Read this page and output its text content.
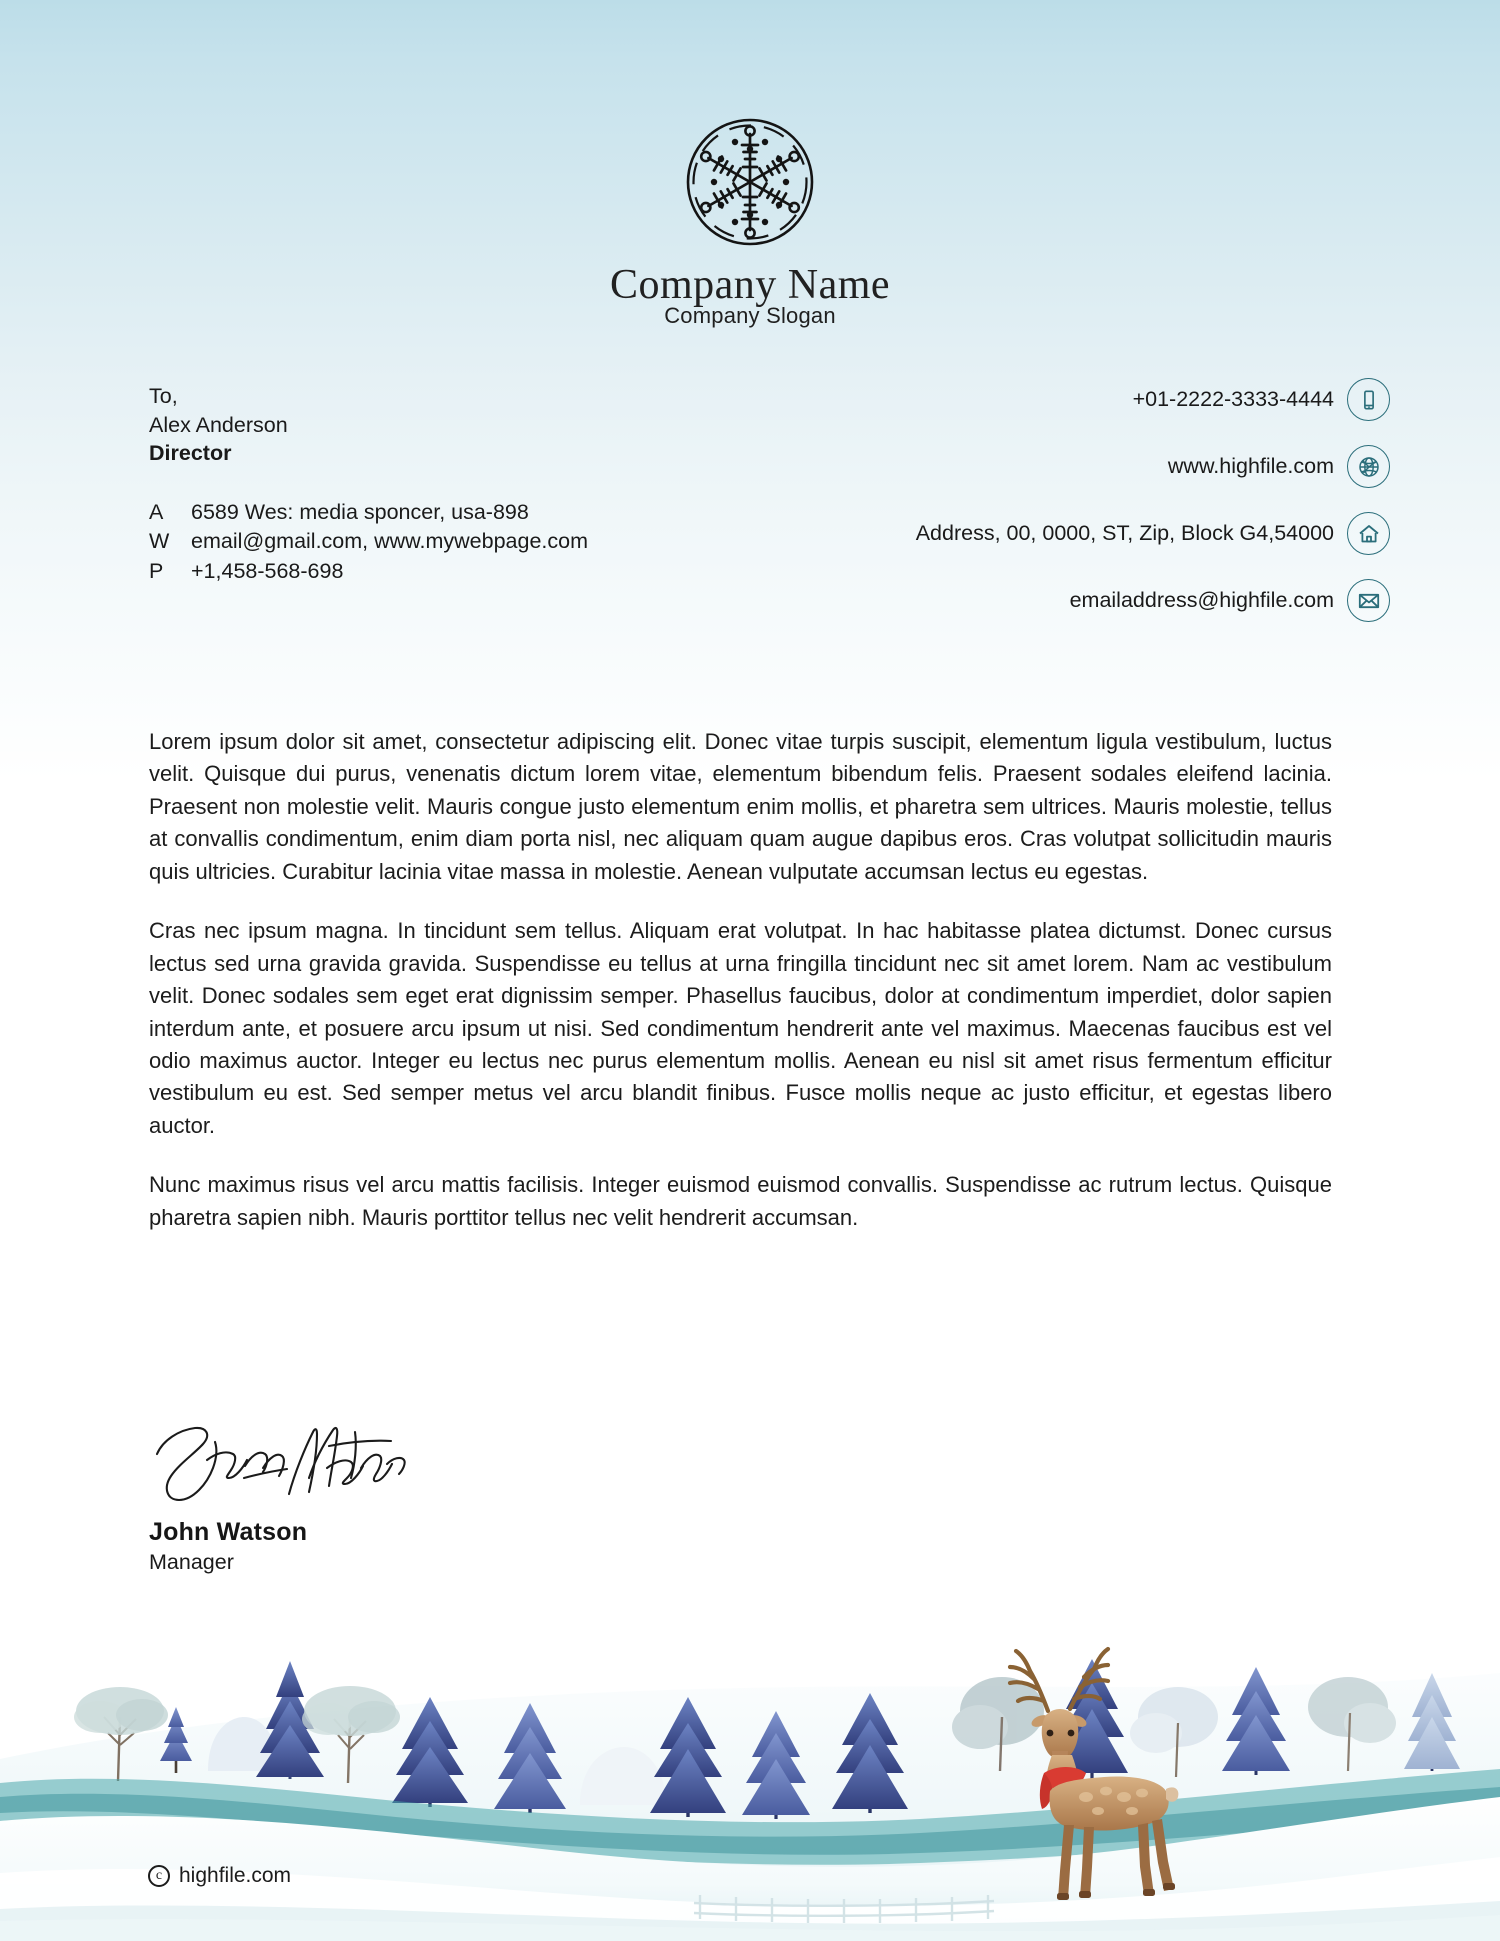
Company Name
Company Slogan
To,
Alex Anderson
Director
A	6589 Wes: media sponcer, usa-898
W	email@gmail.com, www.mywebpage.com
P	+1,458-568-698
+01-2222-3333-4444
www.highfile.com
Address, 00, 0000, ST, Zip, Block G4,54000
emailaddress@highfile.com

Lorem ipsum dolor sit amet, consectetur adipiscing elit. Donec vitae turpis suscipit, elementum ligula vestibulum, luctus velit. Quisque dui purus, venenatis dictum lorem vitae, elementum bibendum felis. Praesent sodales eleifend lacinia. Praesent non molestie velit. Mauris congue justo elementum enim mollis, et pharetra sem ultrices. Mauris molestie, tellus at convallis condimentum, enim diam porta nisl, nec aliquam quam augue dapibus eros. Cras volutpat sollicitudin mauris quis ultricies. Curabitur lacinia vitae massa in molestie. Aenean vulputate accumsan lectus eu egestas.

Cras nec ipsum magna. In tincidunt sem tellus. Aliquam erat volutpat. In hac habitasse platea dictumst. Donec cursus lectus sed urna gravida gravida. Suspendisse eu tellus at urna fringilla tincidunt nec sit amet lorem. Nam ac vestibulum velit. Donec sodales sem eget erat dignissim semper. Phasellus faucibus, dolor at condimentum imperdiet, dolor sapien interdum ante, et posuere arcu ipsum ut nisi. Sed condimentum hendrerit ante vel maximus. Maecenas faucibus est vel odio maximus auctor. Integer eu lectus nec purus elementum mollis. Aenean eu nisl sit amet risus fermentum efficitur vestibulum eu est. Sed semper metus vel arcu blandit finibus. Fusce mollis neque ac justo efficitur, et egestas libero auctor.

Nunc maximus risus vel arcu mattis facilisis. Integer euismod euismod convallis. Suspendisse ac rutrum lectus. Quisque pharetra sapien nibh. Mauris porttitor tellus nec velit hendrerit accumsan.

John Watson
Manager
c highfile.com
